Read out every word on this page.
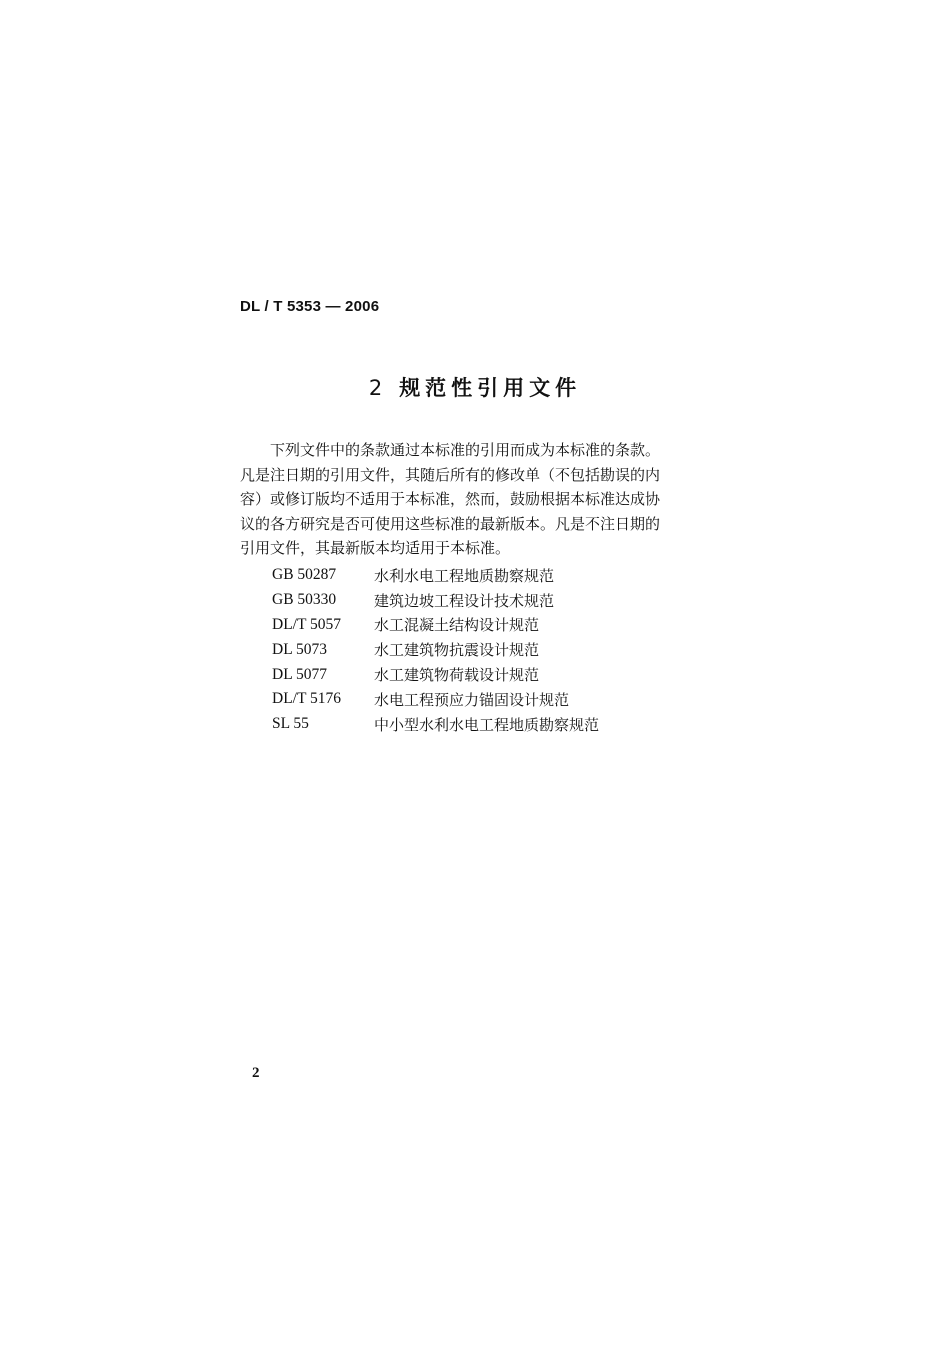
DL / T 5353 — 2006
2 规范性引用文件
　　下列文件中的条款通过本标准的引用而成为本标准的条款。
凡是注日期的引用文件，其随后所有的修改单（不包括勘误的内
容）或修订版均不适用于本标准，然而，鼓励根据本标准达成协
议的各方研究是否可使用这些标准的最新版本。凡是不注日期的
引用文件，其最新版本均适用于本标准。
GB 50287	水利水电工程地质勘察规范
GB 50330	建筑边坡工程设计技术规范
DL/T 5057	水工混凝土结构设计规范
DL 5073	水工建筑物抗震设计规范
DL 5077	水工建筑物荷载设计规范
DL/T 5176	水电工程预应力锚固设计规范
SL 55	中小型水利水电工程地质勘察规范
2
